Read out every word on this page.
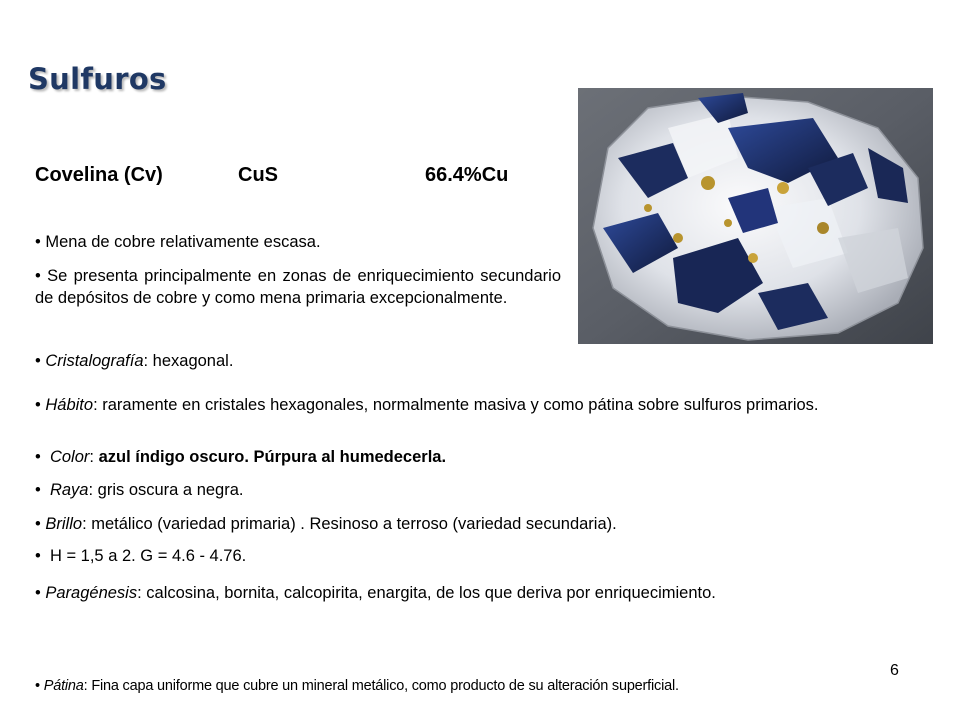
Sulfuros
Covelina (Cv)	CuS	66.4%Cu
• Mena de cobre relativamente escasa.
• Se presenta principalmente en zonas de enriquecimiento secundario de depósitos de cobre y como mena primaria excepcionalmente.
• Cristalografía: hexagonal.
• Hábito: raramente en cristales hexagonales, normalmente masiva y como pátina sobre sulfuros primarios.
• Color: azul índigo oscuro. Púrpura al humedecerla.
• Raya: gris oscura a negra.
• Brillo: metálico (variedad primaria) . Resinoso a terroso (variedad secundaria).
• H = 1,5 a 2. G = 4.6 - 4.76.
• Paragénesis: calcosina, bornita, calcopirita, enargita, de los que deriva por enriquecimiento.
6
• Pátina: Fina capa uniforme que cubre un mineral metálico, como producto de su alteración superficial.
